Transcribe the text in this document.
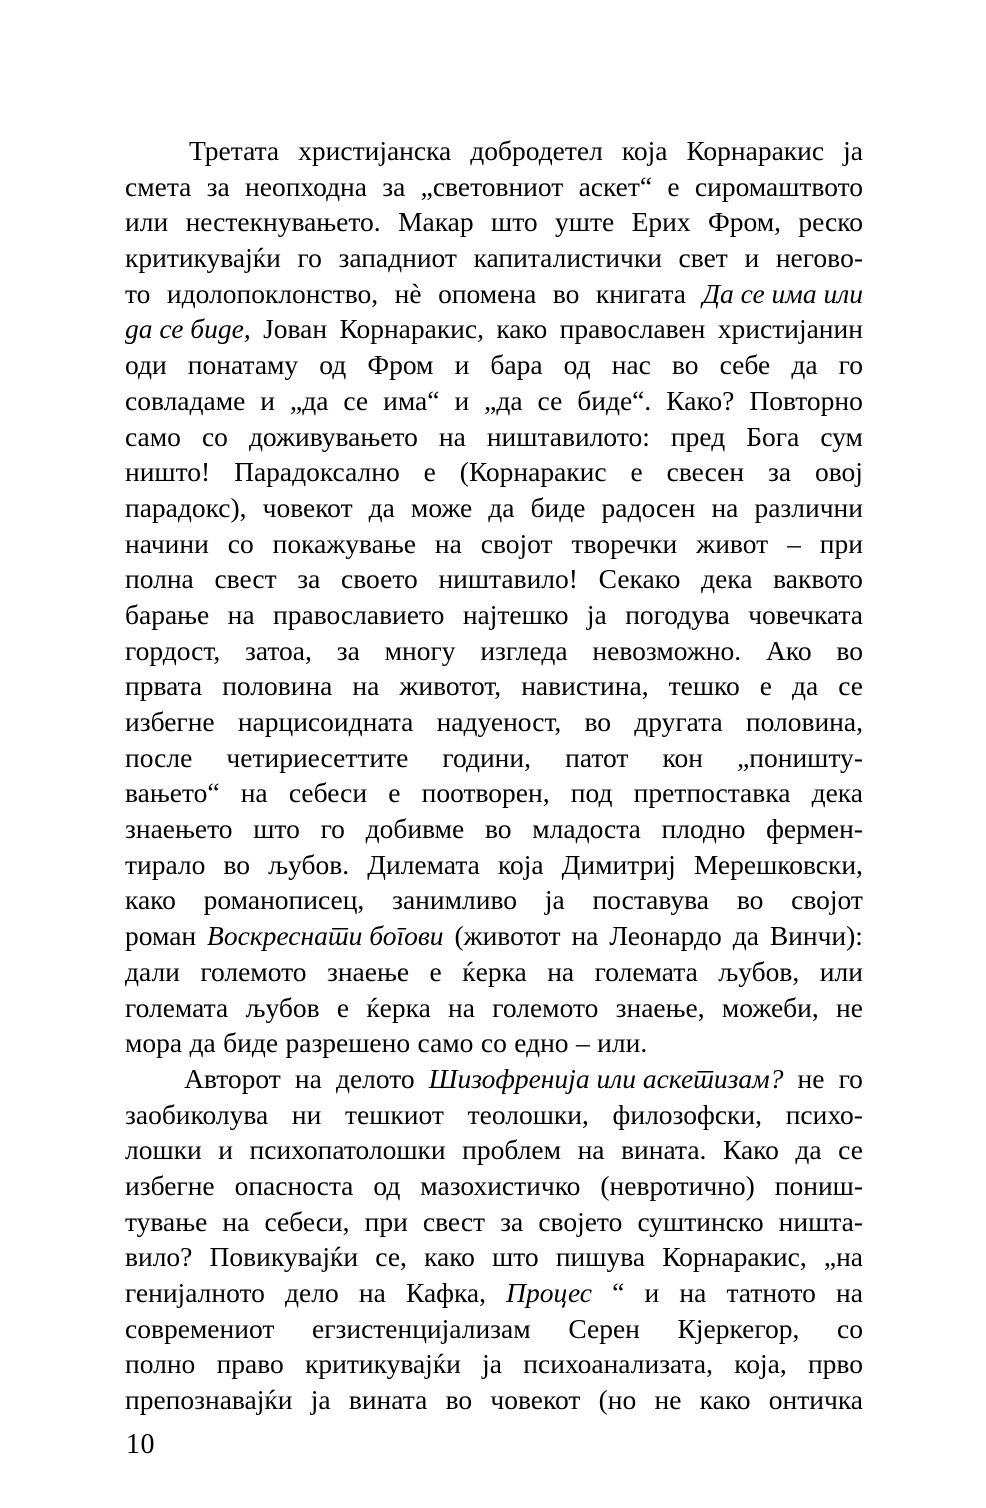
Третата христијанска добродетел која Корнаракис ја
смета за неопходна за „световниот аскет“ е сиромаштвото
или нестекнувањето. Макар што уште Ерих Фром, реско
критикувајќи го западниот капиталистички свет и неговo-
то идолопоклонство, нè опомена во книгата Да се има или
да се биде, Јован Корнаракис, како православен христијанин
оди понатаму од Фром и бара од нас во себе да го
совладаме и „да се има“ и „да се биде“. Како? Повторно
само со доживувањето на ништавилото: пред Бога сум
ништо! Парадоксално е (Корнаракис е свесен за овој
парадокс), човекот да може да биде радосен на различни
начини со покажување на својот творечки живот – при
полна свест за своето ништавило! Секако дека ваквото
барање на православието најтешко ја погодува човечката
гордост, затоа, за многу изгледа невозможно. Ако во
првата половина на животот, навистина, тешко е да се
избегне нарцисоидната надуеност, во другата половина,
после четириесеттите години, патот кон „поништу-
вањето“ на себеси е поотворен, под претпоставка дека
знаењето што го добивме во младоста плодно фермен-
тирало во љубов. Дилемата која Димитриј Мерешковски,
како романописец, занимливо ја поставува во својот
роман Воскреснати богови (животот на Леонардо да Винчи):
дали големото знаење е ќерка на големата љубов, или
големата љубов е ќерка на големото знаење, можеби, не
мора да биде разрешено само со едно – или.
Авторот на делото Шизофренија или аскетизам? не го
заобиколува ни тешкиот теолошки, филозофски, психо-
лошки и психопатолошки проблем на вината. Како да се
избегне опасноста од мазохистичко (невротично) пониш-
тување на себеси, при свест за својето суштинско ништа-
вило? Повикувајќи се, како што пишува Корнаракис, „на
генијалното дело на Кафка, Процес “ и на татното на
современиот егзистенцијализам Серен Кјеркегор, со
полно право критикувајќи ја психоанализата, која, прво
препознавајќи ја вината во човекот (но не како онтичка
10
